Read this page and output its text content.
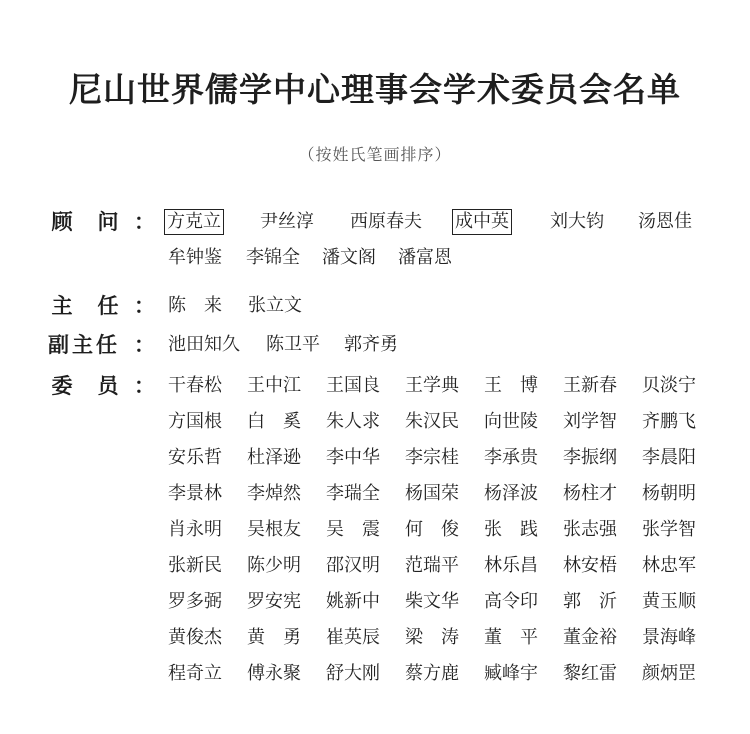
尼山世界儒学中心理事会学术委员会名单
（按姓氏笔画排序）
顾 问 ： 方克立 尹丝淳 西原春夫 成中英 刘大钧 汤恩佳
牟钟鉴 李锦全 潘文阁 潘富恩
主 任 ： 陈 来 张立文
副主任 ： 池田知久 陈卫平 郭齐勇
委 员 ： 干春松 王中江 王国良 王学典 王 博 王新春 贝淡宁
方国根 白 奚 朱人求 朱汉民 向世陵 刘学智 齐鹏飞
安乐哲 杜泽逊 李中华 李宗桂 李承贵 李振纲 李晨阳
李景林 李焯然 李瑞全 杨国荣 杨泽波 杨柱才 杨朝明
肖永明 吴根友 吴 震 何 俊 张 践 张志强 张学智
张新民 陈少明 邵汉明 范瑞平 林乐昌 林安梧 林忠军
罗多弼 罗安宪 姚新中 柴文华 高令印 郭 沂 黄玉顺
黄俊杰 黄 勇 崔英辰 梁 涛 董 平 董金裕 景海峰
程奇立 傅永聚 舒大刚 蔡方鹿 臧峰宇 黎红雷 颜炳罡
